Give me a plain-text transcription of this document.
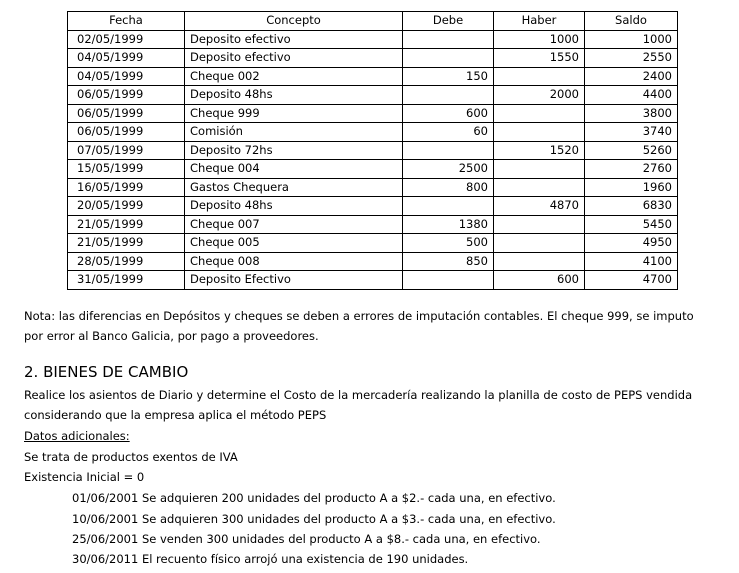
Fecha	Concepto	Debe	Haber	Saldo
02/05/1999	Deposito efectivo		1000	1000
04/05/1999	Deposito efectivo		1550	2550
04/05/1999	Cheque 002	150		2400
06/05/1999	Deposito 48hs		2000	4400
06/05/1999	Cheque 999	600		3800
06/05/1999	Comisión	60		3740
07/05/1999	Deposito 72hs		1520	5260
15/05/1999	Cheque 004	2500		2760
16/05/1999	Gastos Chequera	800		1960
20/05/1999	Deposito 48hs		4870	6830
21/05/1999	Cheque 007	1380		5450
21/05/1999	Cheque 005	500		4950
28/05/1999	Cheque 008	850		4100
31/05/1999	Deposito Efectivo		600	4700
Nota: las diferencias en Depósitos y cheques se deben a errores de imputación contables. El cheque 999, se imputo
por error al Banco Galicia, por pago a proveedores.
2. BIENES DE CAMBIO
Realice los asientos de Diario y determine el Costo de la mercadería realizando la planilla de costo de PEPS vendida
considerando que la empresa aplica el método PEPS
Datos adicionales:
Se trata de productos exentos de IVA
Existencia Inicial = 0
01/06/2001 Se adquieren 200 unidades del producto A a $2.- cada una, en efectivo.
10/06/2001 Se adquieren 300 unidades del producto A a $3.- cada una, en efectivo.
25/06/2001 Se venden 300 unidades del producto A a $8.- cada una, en efectivo.
30/06/2011 El recuento físico arrojó una existencia de 190 unidades.
